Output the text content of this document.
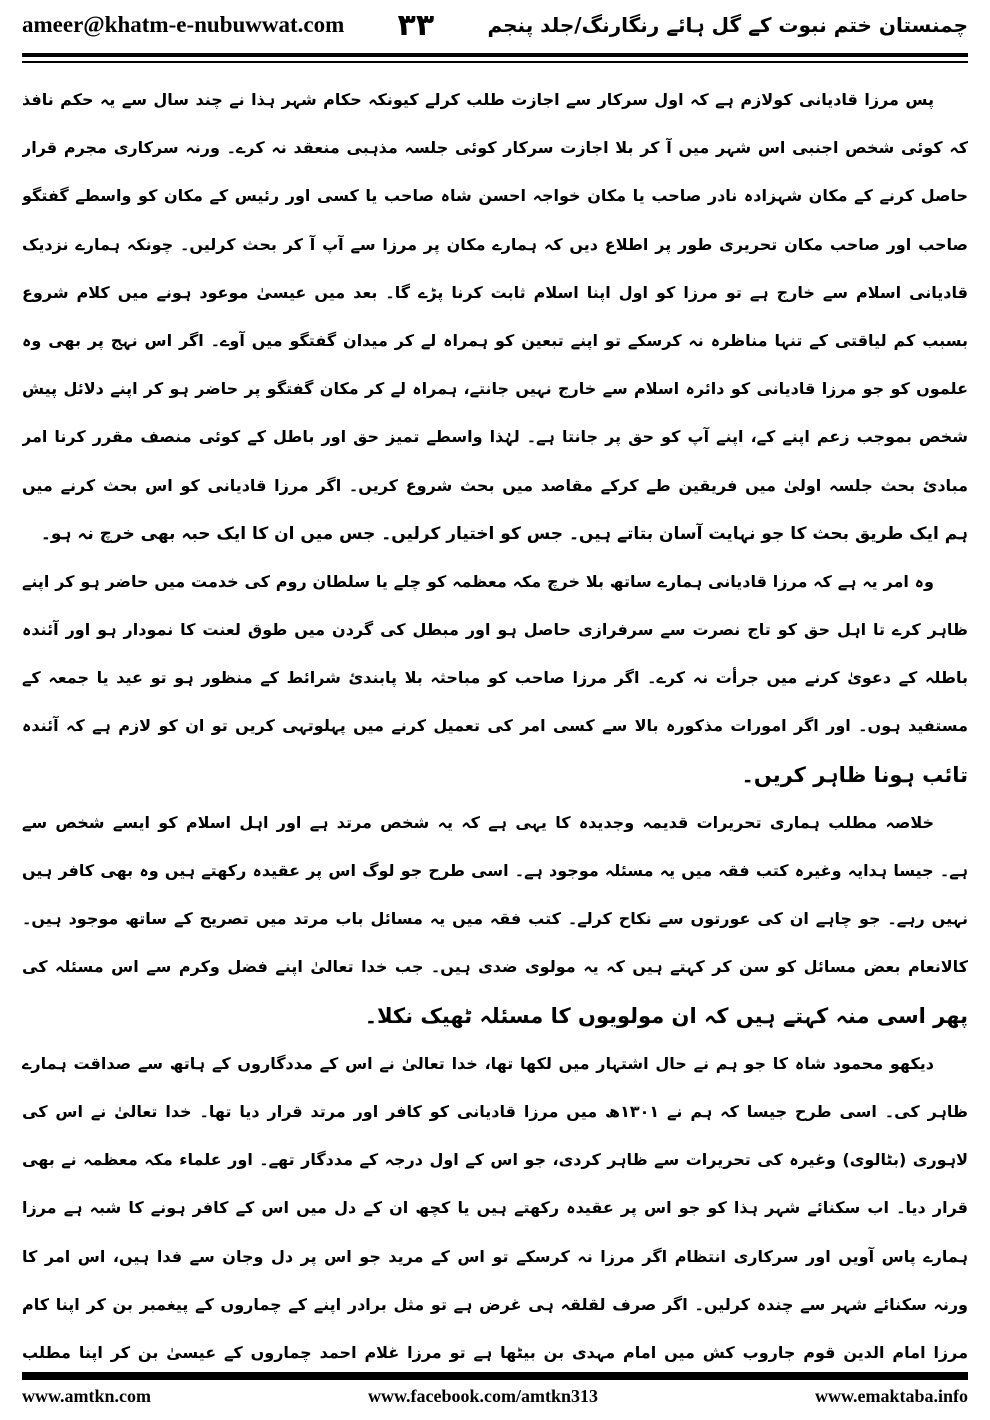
ameer@khatm-e-nubuwwat.com ۳۳	چمنستان ختم نبوت کے گل ہائے رنگارنگ/جلد پنجم
پس مرزا قادیانی کولازم ہے کہ اول سرکار سے اجازت طلب کرلے کیونکہ حکام شہر ہذا نے چند سال سے یہ حکم نافذ
کہ کوئی شخص اجنبی اس شہر میں آ کر بلا اجازت سرکار کوئی جلسہ مذہبی منعقد نہ کرے۔ ورنہ سرکاری مجرم قرار
حاصل کرنے کے مکان شہزادہ نادر صاحب یا مکان خواجہ احسن شاہ صاحب یا کسی اور رئیس کے مکان کو واسطے گفتگو
صاحب اور صاحب مکان تحریری طور پر اطلاع دیں کہ ہمارے مکان پر مرزا سے آپ آ کر بحث کرلیں۔ چونکہ ہمارے نزدیک
قادیانی اسلام سے خارج ہے تو مرزا کو اول اپنا اسلام ثابت کرنا پڑے گا۔ بعد میں عیسیٰ موعود ہونے میں کلام شروع
بسبب کم لیاقتی کے تنہا مناظرہ نہ کرسکے تو اپنے تبعین کو ہمراہ لے کر میدان گفتگو میں آوے۔ اگر اس نہج پر بھی وہ
علموں کو جو مرزا قادیانی کو دائرہ اسلام سے خارج نہیں جانتے، ہمراہ لے کر مکان گفتگو پر حاضر ہو کر اپنے دلائل پیش
شخص بموجب زعم اپنے کے، اپنے آپ کو حق پر جانتا ہے۔ لہٰذا واسطے تمیز حق اور باطل کے کوئی منصف مقرر کرنا امر
مبادیٔ بحث جلسہ اولیٰ میں فریقین طے کرکے مقاصد میں بحث شروع کریں۔ اگر مرزا قادیانی کو اس بحث کرنے میں
ہم ایک طریق بحث کا جو نہایت آسان بتاتے ہیں۔ جس کو اختیار کرلیں۔ جس میں ان کا ایک حبہ بھی خرچ نہ ہو۔
وہ امر یہ ہے کہ مرزا قادیانی ہمارے ساتھ بلا خرچ مکہ معظمہ کو چلے یا سلطان روم کی خدمت میں حاضر ہو کر اپنے
ظاہر کرے تا اہل حق کو تاج نصرت سے سرفرازی حاصل ہو اور مبطل کی گردن میں طوق لعنت کا نمودار ہو اور آئندہ
باطلہ کے دعویٰ کرنے میں جرأت نہ کرے۔ اگر مرزا صاحب کو مباحثہ بلا پابندیٔ شرائط کے منظور ہو تو عید یا جمعہ کے
مستفید ہوں۔ اور اگر امورات مذکورہ بالا سے کسی امر کی تعمیل کرنے میں پہلوتہی کریں تو ان کو لازم ہے کہ آئندہ
تائب ہونا ظاہر کریں۔
خلاصہ مطلب ہماری تحریرات قدیمہ وجدیدہ کا یہی ہے کہ یہ شخص مرتد ہے اور اہل اسلام کو ایسے شخص سے
ہے۔ جیسا ہدایہ وغیرہ کتب فقہ میں یہ مسئلہ موجود ہے۔ اسی طرح جو لوگ اس پر عقیدہ رکھتے ہیں وہ بھی کافر ہیں
نہیں رہے۔ جو چاہے ان کی عورتوں سے نکاح کرلے۔ کتب فقہ میں یہ مسائل باب مرتد میں تصریح کے ساتھ موجود ہیں۔
کالانعام بعض مسائل کو سن کر کہتے ہیں کہ یہ مولوی ضدی ہیں۔ جب خدا تعالیٰ اپنے فضل وکرم سے اس مسئلہ کی
پھر اسی منہ کہتے ہیں کہ ان مولویوں کا مسئلہ ٹھیک نکلا۔
دیکھو محمود شاہ کا جو ہم نے حال اشتہار میں لکھا تھا، خدا تعالیٰ نے اس کے مددگاروں کے ہاتھ سے صداقت ہمارے
ظاہر کی۔ اسی طرح جیسا کہ ہم نے ۱۳۰۱ھ میں مرزا قادیانی کو کافر اور مرتد قرار دیا تھا۔ خدا تعالیٰ نے اس کی
لاہوری (بٹالوی) وغیرہ کی تحریرات سے ظاہر کردی، جو اس کے اول درجہ کے مددگار تھے۔ اور علماء مکہ معظمہ نے بھی
قرار دیا۔ اب سکنائے شہر ہذا کو جو اس پر عقیدہ رکھتے ہیں یا کچھ ان کے دل میں اس کے کافر ہونے کا شبہ ہے مرزا
ہمارے پاس آویں اور سرکاری انتظام اگر مرزا نہ کرسکے تو اس کے مرید جو اس پر دل وجان سے فدا ہیں، اس امر کا
ورنہ سکنائے شہر سے چندہ کرلیں۔ اگر صرف لقلقہ ہی غرض ہے تو مثل برادر اپنے کے چماروں کے پیغمبر بن کر اپنا کام
مرزا امام الدین قوم جاروب کش میں امام مہدی بن بیٹھا ہے تو مرزا غلام احمد چماروں کے عیسیٰ بن کر اپنا مطلب
www.amtkn.com	www.facebook.com/amtkn313	www.emaktaba.info
